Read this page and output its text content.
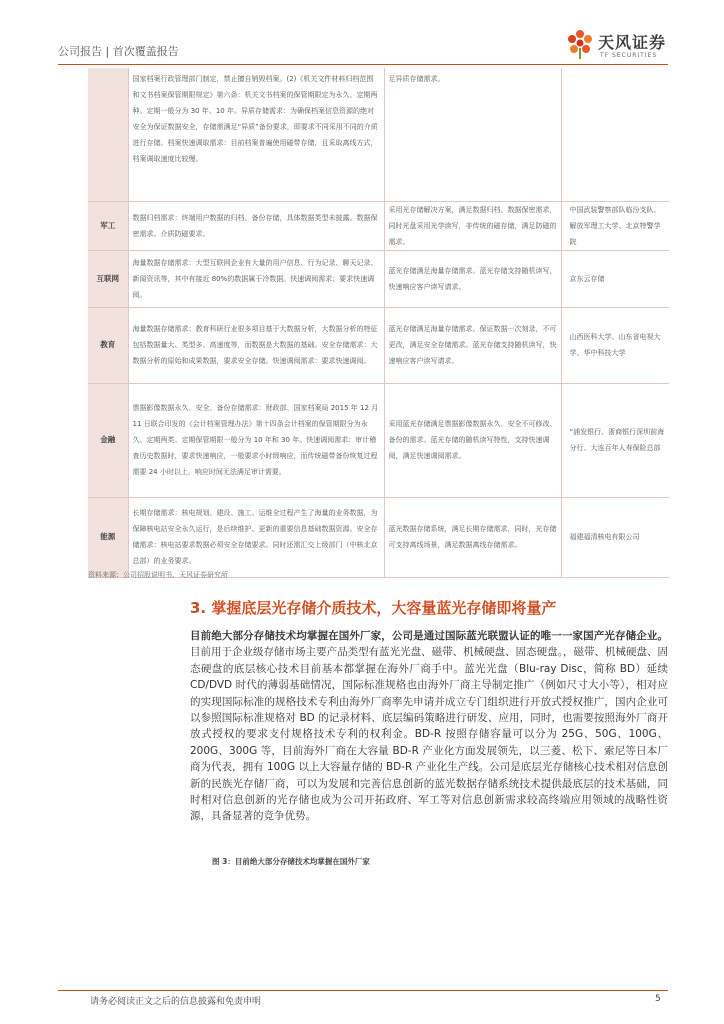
公司报告 | 首次覆盖报告	天风证券
TF SECURITIES
	国家档案行政管理部门制定，禁止擅自销毁档案。(2)《机关文件材料归档范围和文书档案保管期限规定》第六条：机关文书档案的保管期限定为永久、定期两种。定期一般分为 30 年、10 年。异质存储需求：为确保档案信息资源的绝对安全为保证数据安全，存储需满足“异质”备份要求，即要求不同采用不同的介质进行存储。档案快速调取需求：目前档案普遍使用磁带存储，且采取离线方式，档案调取速度比较慢。	足异质存储需求。	
军工	数据归档需求：终端用户数据的归档、备份存储，具体数据类型未披露。数据保密需求。介质防磁要求。	采用光存储解决方案，满足数据归档、数据保密需求，同时光盘采用光学读写，非传统的磁存储，满足防磁的需求。	中国武装警察部队临汾支队、解放军理工大学、北京特警学院
互联网	海量数据存储需求：大型互联网企业有大量的用户信息、行为记录、聊天记录、新闻资讯等，其中有接近 80%的数据属于冷数据。快速调阅需求；要求快速调阅。	蓝光存储满足海量存储需求。蓝光存储支持随机读写，快速响应客户读写请求。	京东云存储
教育	海量数据存储需求：教育科研行业很多项目基于大数据分析，大数据分析的特征包括数据量大、类型多、高速度等，而数据是大数据的基础。安全存储需求：大数据分析的原始和成果数据，要求安全存储。快速调阅需求：要求快速调阅。	蓝光存储满足海量存储需求。保证数据一次刻录，不可更改，满足安全存储需求。蓝光存储支持随机读写，快速响应客户读写请求。	山西医科大学、山东省电视大学、华中科技大学
金融	票据影像数据永久、安全、备份存储需求：财政部、国家档案局 2015 年 12 月 11 日联合印发的《会计档案管理办法》第十四条会计档案的保管期限分为永久、定期两类。定期保管期限一般分为 10 年和 30 年。快速调阅需求：审计稽查历史数据时，要求快速响应，一般要求小时级响应，而传统磁带备份恢复过程需要 24 小时以上，响应时间无法满足审计需要。	采用蓝光存储满足票据影像数据永久、安全不可修改、备份的需求。蓝光存储的随机读写特性，支持快速调阅，满足快速调阅需求。	“浦发银行、浙商银行深圳前海分行、大连百年人寿保险总部
能源	长期存储需求：核电规划、建设、施工、运维全过程产生了海量的业务数据，为保障核电站安全永久运行，是后续维护、更新的重要信息基础数据资源。安全存储需求：核电站要求数据必须安全存储要求。同时还需汇交上级部门（中核北京总部）的业务要求。	蓝光数据存储系统，满足长期存储需求，同时，光存储可支持离线场景，满足数据离线存储需求。	福建福清核电有限公司
资料来源：公司招股说明书、天风证券研究所
3. 掌握底层光存储介质技术，大容量蓝光存储即将量产

目前绝大部分存储技术均掌握在国外厂家，公司是通过国际蓝光联盟认证的唯一一家国产光存储企业。目前用于企业级存储市场主要产品类型有蓝光光盘、磁带、机械硬盘、固态硬盘。，磁带、机械硬盘、固态硬盘的底层核心技术目前基本都掌握在海外厂商手中。蓝光光盘（Blu-ray Disc，简称 BD）延续 CD/DVD 时代的薄弱基础情况，国际标准规格也由海外厂商主导制定推广（例如尺寸大小等），相对应的实现国际标准的规格技术专利由海外厂商率先申请并成立专门组织进行开放式授权推广，国内企业可以参照国际标准规格对 BD 的记录材料、底层编码策略进行研发、应用，同时，也需要按照海外厂商开放式授权的要求支付规格技术专利的权利金。BD-R 按照存储容量可以分为 25G、50G、100G、200G、300G 等，目前海外厂商在大容量 BD-R 产业化方面发展领先，以三菱、松下、索尼等日本厂商为代表，拥有 100G 以上大容量存储的 BD-R 产业化生产线。公司是底层光存储核心技术相对信息创新的民族光存储厂商，可以为发展和完善信息创新的蓝光数据存储系统技术提供最底层的技术基础，同时相对信息创新的光存储也成为公司开拓政府、军工等对信息创新需求较高终端应用领域的战略性资源，具备显著的竞争优势。

图 3：目前绝大部分存储技术均掌握在国外厂家
请务必阅读正文之后的信息披露和免责申明	5
